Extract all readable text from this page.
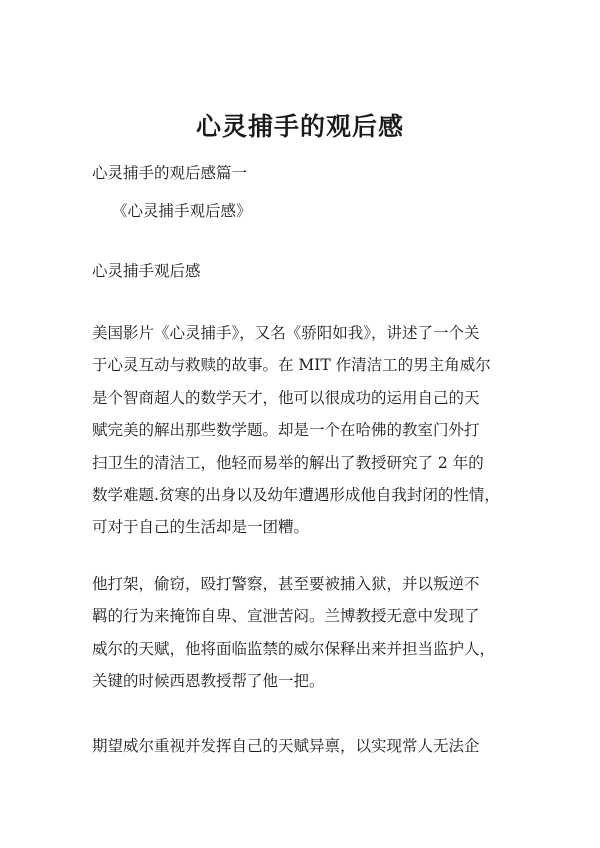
心灵捕手的观后感
心灵捕手的观后感篇一
《心灵捕手观后感》
心灵捕手观后感
美国影片《心灵捕手》，又名《骄阳如我》，讲述了一个关
于心灵互动与救赎的故事。在 MIT 作清洁工的男主角威尔
是个智商超人的数学天才，他可以很成功的运用自己的天
赋完美的解出那些数学题。却是一个在哈佛的教室门外打
扫卫生的清洁工，他轻而易举的解出了教授研究了 2 年的
数学难题.贫寒的出身以及幼年遭遇形成他自我封闭的性情，
可对于自己的生活却是一团糟。
他打架，偷窃，殴打警察，甚至要被捕入狱，并以叛逆不
羁的行为来掩饰自卑、宣泄苦闷。兰博教授无意中发现了
威尔的天赋，他将面临监禁的威尔保释出来并担当监护人，
关键的时候西恩教授帮了他一把。
期望威尔重视并发挥自己的天赋异禀，以实现常人无法企
